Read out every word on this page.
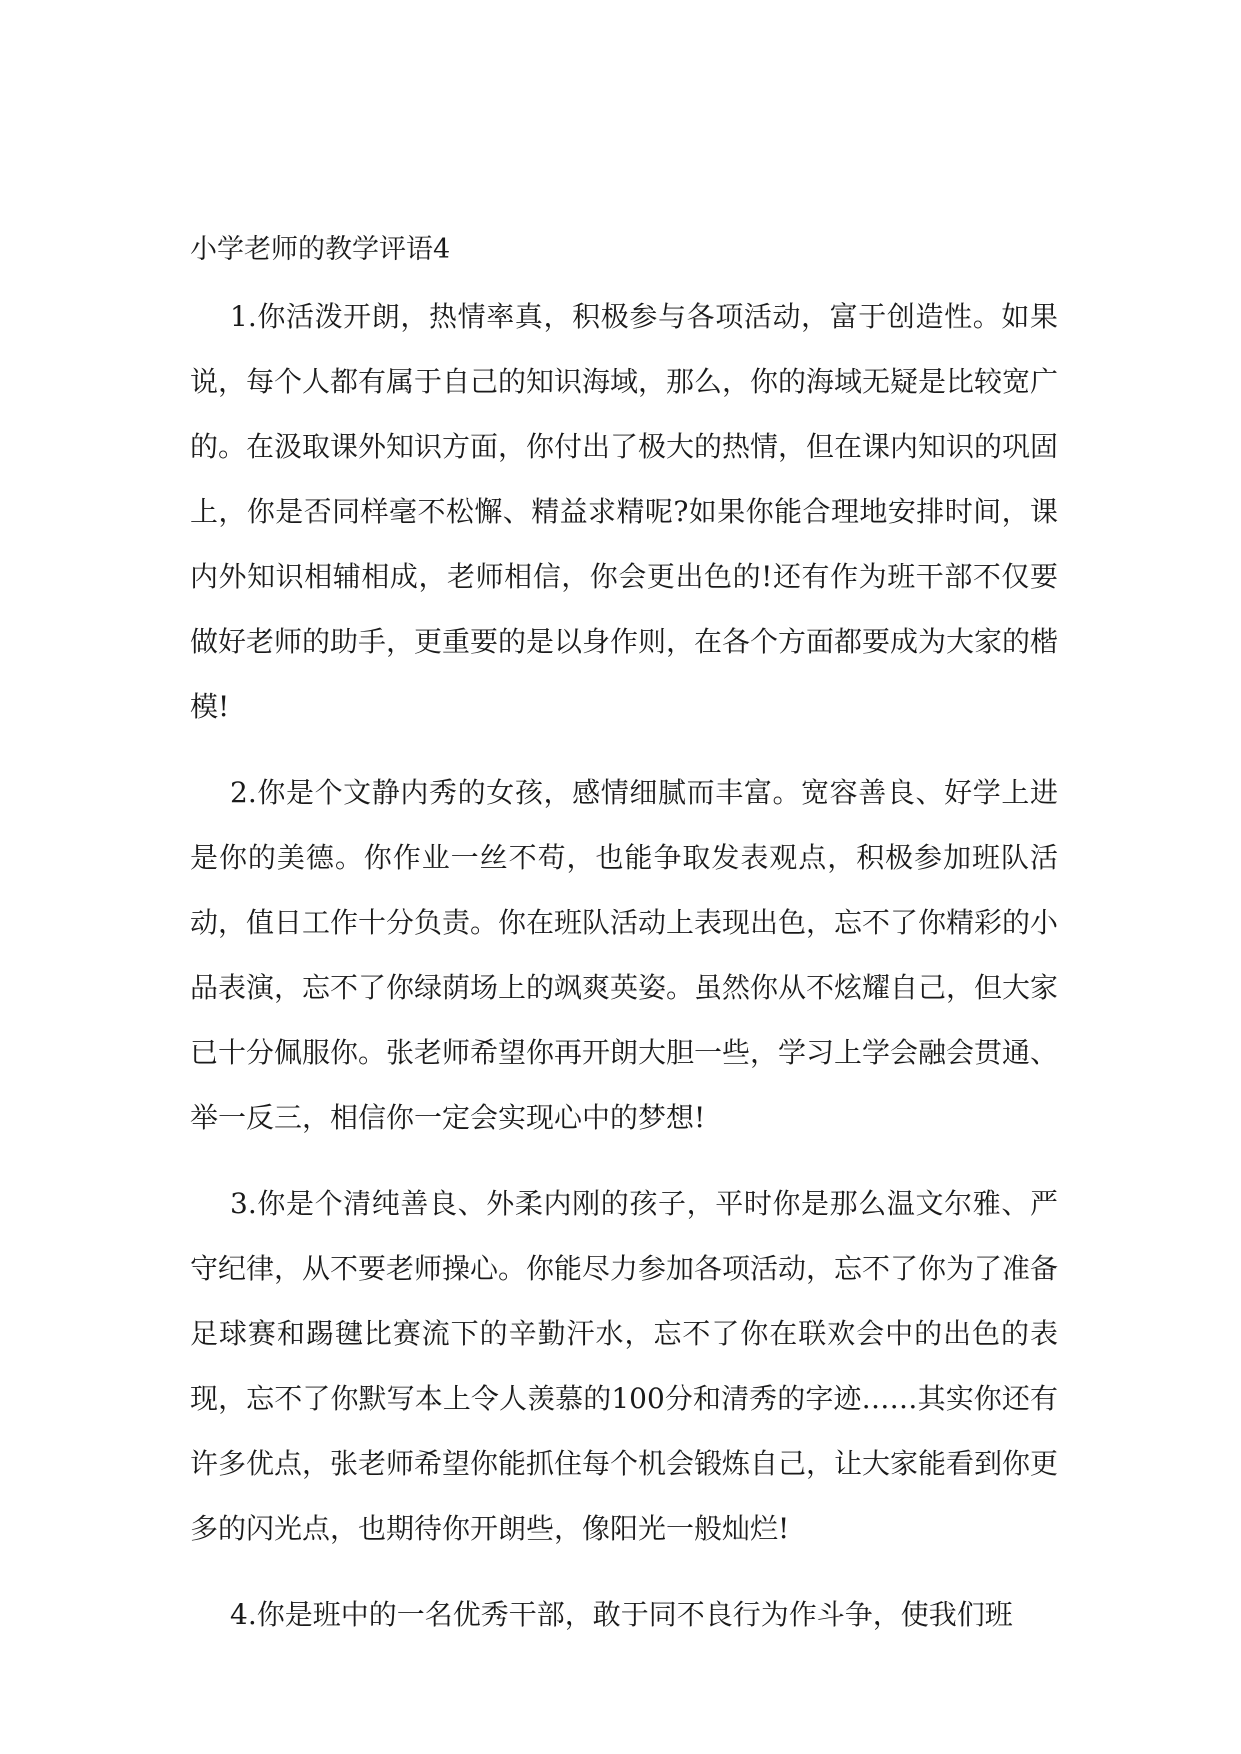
小学老师的教学评语4

1.你活泼开朗，热情率真，积极参与各项活动，富于创造性。如果说，每个人都有属于自己的知识海域，那么，你的海域无疑是比较宽广的。在汲取课外知识方面，你付出了极大的热情，但在课内知识的巩固上，你是否同样毫不松懈、精益求精呢?如果你能合理地安排时间，课内外知识相辅相成，老师相信，你会更出色的!还有作为班干部不仅要做好老师的助手，更重要的是以身作则，在各个方面都要成为大家的楷模!

2.你是个文静内秀的女孩，感情细腻而丰富。宽容善良、好学上进是你的美德。你作业一丝不苟，也能争取发表观点，积极参加班队活动，值日工作十分负责。你在班队活动上表现出色，忘不了你精彩的小品表演，忘不了你绿荫场上的飒爽英姿。虽然你从不炫耀自己，但大家已十分佩服你。张老师希望你再开朗大胆一些，学习上学会融会贯通、举一反三，相信你一定会实现心中的梦想!

3.你是个清纯善良、外柔内刚的孩子，平时你是那么温文尔雅、严守纪律，从不要老师操心。你能尽力参加各项活动，忘不了你为了准备足球赛和踢毽比赛流下的辛勤汗水，忘不了你在联欢会中的出色的表现，忘不了你默写本上令人羡慕的100分和清秀的字迹……其实你还有许多优点，张老师希望你能抓住每个机会锻炼自己，让大家能看到你更多的闪光点，也期待你开朗些，像阳光一般灿烂!

4.你是班中的一名优秀干部，敢于同不良行为作斗争，使我们班
